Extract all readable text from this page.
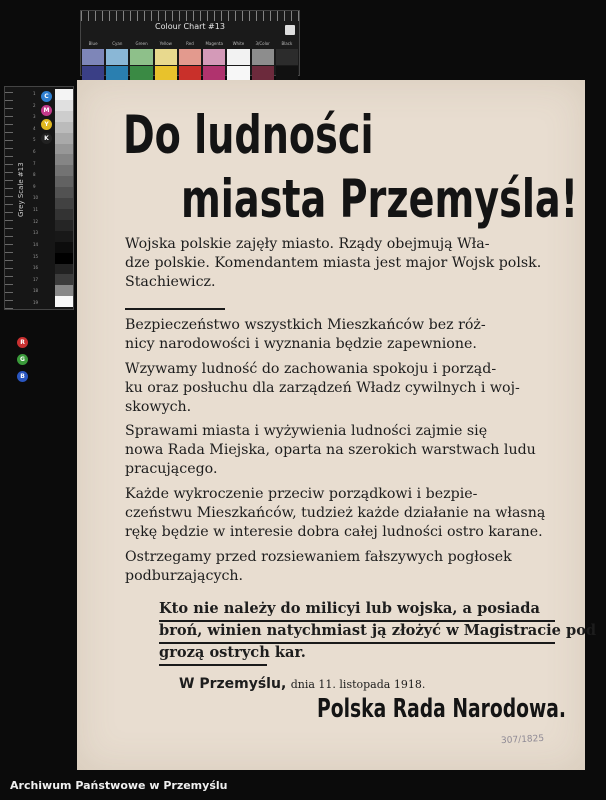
Colour Chart #13
Blue	Cyan	Green	Yellow	Red	Magenta	White	3/Color	Black
Grey Scale #13
1
2
3
4
5
6
7
8
9
10
11
12
13
14
15
16
17
18
19
C
M
Y
K
R
G
B
Do ludności
miasta Przemyśla!
Wojska polskie zajęły miasto. Rządy obejmują Wła-
dze polskie. Komendantem miasta jest major Wojsk polsk.
Stachiewicz.
Bezpieczeństwo wszystkich Mieszkańców bez róż-
nicy narodowości i wyznania będzie zapewnione.
Wzywamy ludność do zachowania spokoju i porząd-
ku oraz posłuchu dla zarządzeń Władz cywilnych i woj-
skowych.
Sprawami miasta i wyżywienia ludności zajmie się
nowa Rada Miejska, oparta na szerokich warstwach ludu
pracującego.
Każde wykroczenie przeciw porządkowi i bezpie-
czeństwu Mieszkańców, tudzież każde działanie na własną
rękę będzie w interesie dobra całej ludności ostro karane.
Ostrzegamy przed rozsiewaniem fałszywych pogłosek
podburzających.
Kto nie należy do milicyi lub wojska, a posiada
broń, winien natychmiast ją złożyć w Magistracie pod
grozą ostrych kar.
W Przemyślu, dnia 11. listopada 1918.
Polska Rada Narodowa.
307/1825
Archiwum Państwowe w Przemyślu
